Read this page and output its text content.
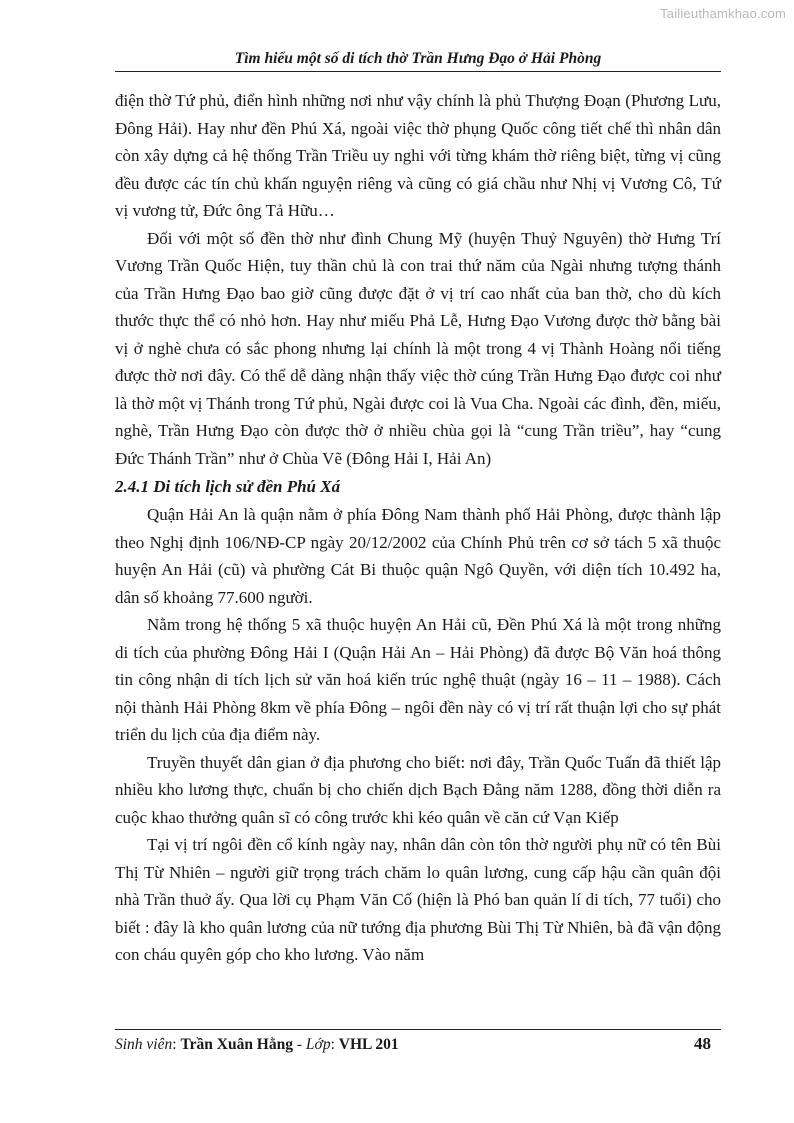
Tailieuthamkhao.com
Tìm hiểu một số di tích thờ Trần Hưng Đạo ở Hải Phòng

điện thờ Tứ phủ, điển hình những nơi như vậy chính là phủ Thượng Đoạn (Phương Lưu, Đông Hải). Hay như đền Phú Xá, ngoài việc thờ phụng Quốc công tiết chế thì nhân dân còn xây dựng cả hệ thống Trần Triều uy nghi với từng khám thờ riêng biệt, từng vị cũng đều được các tín chủ khấn nguyện riêng và cũng có giá chầu như Nhị vị Vương Cô, Tứ vị vương tử, Đức ông Tả Hữu…

Đối với một số đền thờ như đình Chung Mỹ (huyện Thuỷ Nguyên) thờ Hưng Trí Vương Trần Quốc Hiện, tuy thần chủ là con trai thứ năm của Ngài nhưng tượng thánh của Trần Hưng Đạo bao giờ cũng được đặt ở vị trí cao nhất của ban thờ, cho dù kích thước thực thể có nhỏ hơn. Hay như miếu Phả Lễ, Hưng Đạo Vương được thờ bằng bài vị ở nghè chưa có sắc phong nhưng lại chính là một trong 4 vị Thành Hoàng nổi tiếng được thờ nơi đây. Có thể dễ dàng nhận thấy việc thờ cúng Trần Hưng Đạo được coi như là thờ một vị Thánh trong Tứ phủ, Ngài được coi là Vua Cha. Ngoài các đình, đền, miếu, nghè, Trần Hưng Đạo còn được thờ ở nhiều chùa gọi là “cung Trần triều”, hay “cung Đức Thánh Trần” như ở Chùa Vẽ (Đông Hải I, Hải An)

2.4.1 Di tích lịch sử đền Phú Xá

Quận Hải An là quận nằm ở phía Đông Nam thành phố Hải Phòng, được thành lập theo Nghị định 106/NĐ-CP ngày 20/12/2002 của Chính Phủ trên cơ sở tách 5 xã thuộc huyện An Hải (cũ) và phường Cát Bi thuộc quận Ngô Quyền, với diện tích 10.492 ha, dân số khoảng 77.600 người.

Nằm trong hệ thống 5 xã thuộc huyện An Hải cũ, Đền Phú Xá là một trong những di tích của phường Đông Hải I (Quận Hải An – Hải Phòng) đã được Bộ Văn hoá thông tin công nhận di tích lịch sử văn hoá kiến trúc nghệ thuật (ngày 16 – 11 – 1988). Cách nội thành Hải Phòng 8km về phía Đông – ngôi đền này có vị trí rất thuận lợi cho sự phát triển du lịch của địa điểm này.

Truyền thuyết dân gian ở địa phương cho biết: nơi đây, Trần Quốc Tuấn đã thiết lập nhiều kho lương thực, chuẩn bị cho chiến dịch Bạch Đằng năm 1288, đồng thời diễn ra cuộc khao thưởng quân sĩ có công trước khi kéo quân về căn cứ Vạn Kiếp

Tại vị trí ngôi đền cổ kính ngày nay, nhân dân còn tôn thờ người phụ nữ có tên Bùi Thị Từ Nhiên – người giữ trọng trách chăm lo quân lương, cung cấp hậu cần quân đội nhà Trần thuở ấy. Qua lời cụ Phạm Văn Cố (hiện là Phó ban quản lí di tích, 77 tuổi) cho biết : đây là kho quân lương của nữ tướng địa phương Bùi Thị Từ Nhiên, bà đã vận động con cháu quyên góp cho kho lương. Vào năm

Sinh viên: Trần Xuân Hằng - Lớp: VHL 201	48
